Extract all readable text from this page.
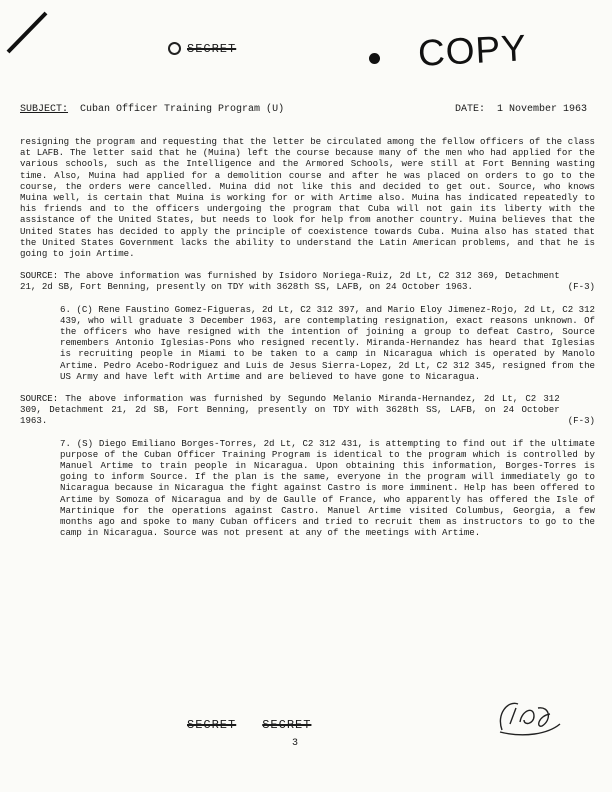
SECRET	COPY
SUBJECT: Cuban Officer Training Program (U)	DATE: 1 November 1963

resigning the program and requesting that the letter be circulated among the fellow officers of the class at LAFB. The letter said that he (Muina) left the course because many of the men who had applied for the various schools, such as the Intelligence and the Armored Schools, were still at Fort Benning wasting time. Also, Muina had applied for a demolition course and after he was placed on orders to go to the course, the orders were cancelled. Muina did not like this and decided to get out. Source, who knows Muina well, is certain that Muina is working for or with Artime also. Muina has indicated repeatedly to his friends and to the officers undergoing the program that Cuba will not gain its liberty with the assistance of the United States, but needs to look for help from another country. Muina believes that the United States has decided to apply the principle of coexistence towards Cuba. Muina also has stated that the United States Government lacks the ability to understand the Latin American problems, and that he is going to join Artime.

SOURCE: The above information was furnished by Isidoro Noriega-Ruiz, 2d Lt, C2 312 369, Detachment 21, 2d SB, Fort Benning, presently on TDY with 3628th SS, LAFB, on 24 October 1963.	(F-3)

6. (C) Rene Faustino Gomez-Figueras, 2d Lt, C2 312 397, and Mario Eloy Jimenez-Rojo, 2d Lt, C2 312 439, who will graduate 3 December 1963, are contemplating resignation, exact reasons unknown. Of the officers who have resigned with the intention of joining a group to defeat Castro, Source remembers Antonio Iglesias-Pons who resigned recently. Miranda-Hernandez has heard that Iglesias is recruiting people in Miami to be taken to a camp in Nicaragua which is operated by Manolo Artime. Pedro Acebo-Rodriguez and Luis de Jesus Sierra-Lopez, 2d Lt, C2 312 345, resigned from the US Army and have left with Artime and are believed to have gone to Nicaragua.

SOURCE: The above information was furnished by Segundo Melanio Miranda-Hernandez, 2d Lt, C2 312 309, Detachment 21, 2d SB, Fort Benning, presently on TDY with 3628th SS, LAFB, on 24 October 1963.	(F-3)

7. (S) Diego Emiliano Borges-Torres, 2d Lt, C2 312 431, is attempting to find out if the ultimate purpose of the Cuban Officer Training Program is identical to the program which is controlled by Manuel Artime to train people in Nicaragua. Upon obtaining this information, Borges-Torres is going to inform Source. If the plan is the same, everyone in the program will immediately go to Nicaragua because in Nicaragua the fight against Castro is more imminent. Help has been offered to Artime by Somoza of Nicaragua and by de Gaulle of France, who apparently has offered the Isle of Martinique for the operations against Castro. Manuel Artime visited Columbus, Georgia, a few months ago and spoke to many Cuban officers and tried to recruit them as instructors to go to the camp in Nicaragua. Source was not present at any of the meetings with Artime.

SECRET SECRET
3
